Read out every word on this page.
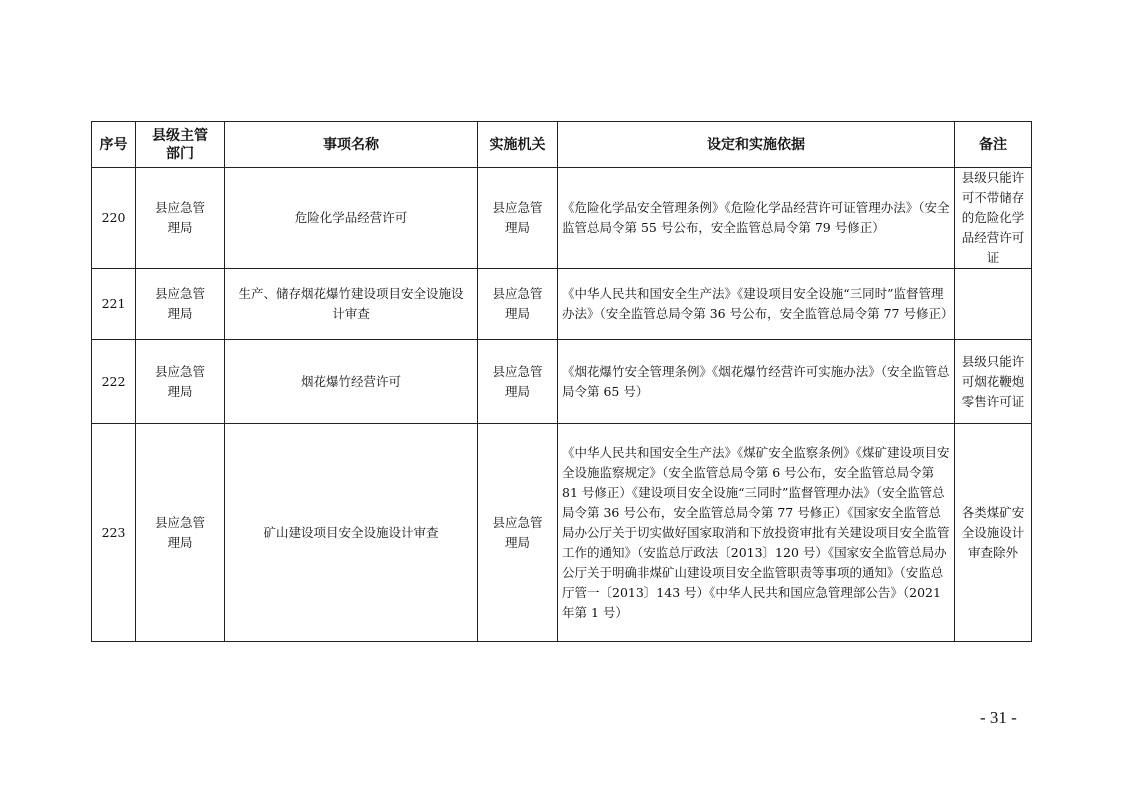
序号	县级主管部门	事项名称	实施机关	设定和实施依据	备注
220	县应急管理局	危险化学品经营许可	县应急管理局	《危险化学品安全管理条例》《危险化学品经营许可证管理办法》（安全监管总局令第 55 号公布，安全监管总局令第 79 号修正）	县级只能许可不带储存的危险化学品经营许可证
221	县应急管理局	生产、储存烟花爆竹建设项目安全设施设计审查	县应急管理局	《中华人民共和国安全生产法》《建设项目安全设施“三同时”监督管理办法》（安全监管总局令第 36 号公布，安全监管总局令第 77 号修正）	
222	县应急管理局	烟花爆竹经营许可	县应急管理局	《烟花爆竹安全管理条例》《烟花爆竹经营许可实施办法》（安全监管总局令第 65 号）	县级只能许可烟花鞭炮零售许可证
223	县应急管理局	矿山建设项目安全设施设计审查	县应急管理局	《中华人民共和国安全生产法》《煤矿安全监察条例》《煤矿建设项目安全设施监察规定》（安全监管总局令第 6 号公布，安全监管总局令第 81 号修正）《建设项目安全设施“三同时”监督管理办法》（安全监管总局令第 36 号公布，安全监管总局令第 77 号修正）《国家安全监管总局办公厅关于切实做好国家取消和下放投资审批有关建设项目安全监管工作的通知》（安监总厅政法〔2013〕120 号）《国家安全监管总局办公厅关于明确非煤矿山建设项目安全监管职责等事项的通知》（安监总厅管一〔2013〕143 号）《中华人民共和国应急管理部公告》（2021 年第 1 号）	各类煤矿安全设施设计审查除外
- 31 -
